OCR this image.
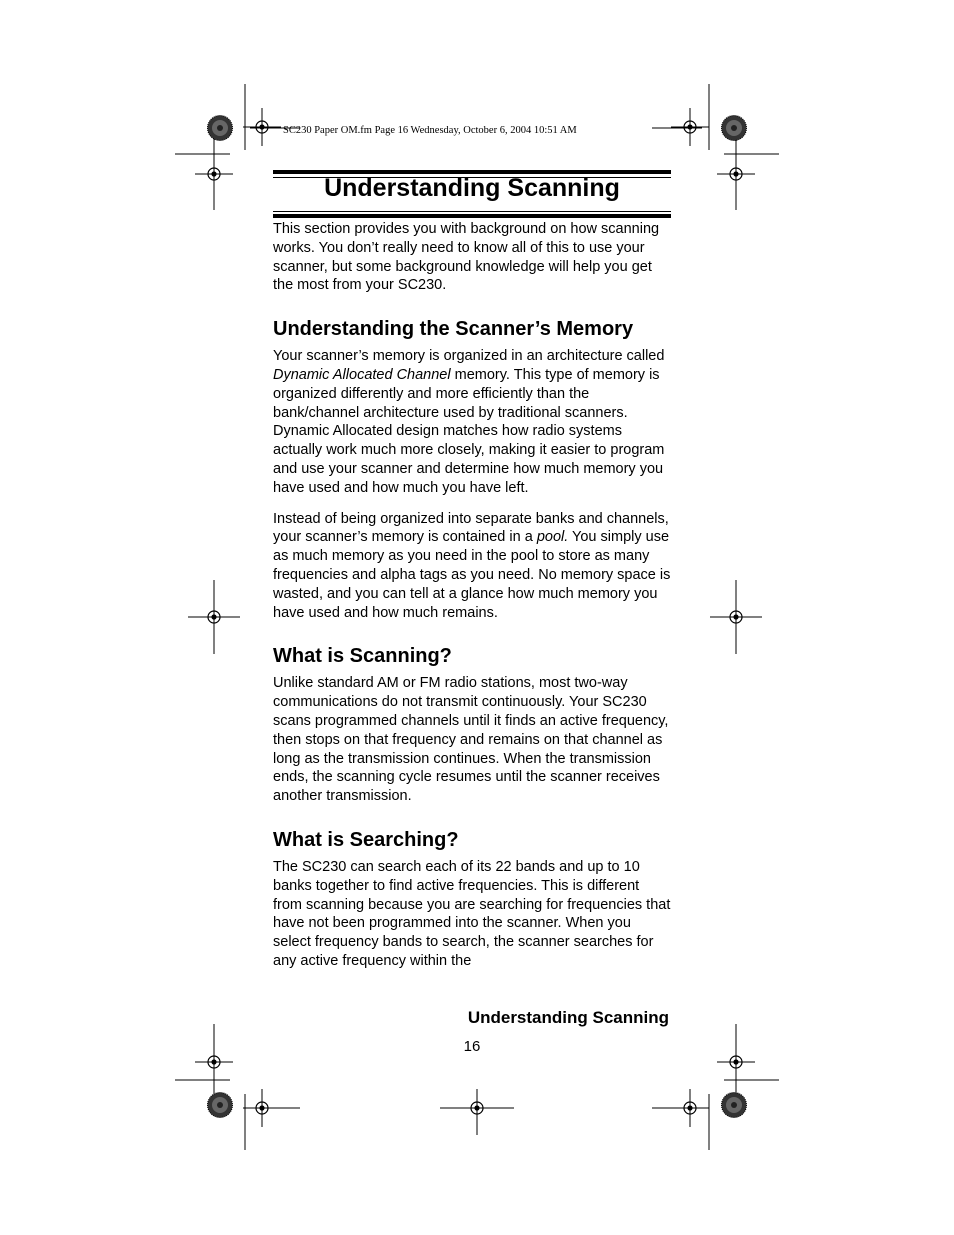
SC230 Paper OM.fm Page 16 Wednesday, October 6, 2004 10:51 AM
Understanding Scanning

This section provides you with background on how scanning works. You don’t really need to know all of this to use your scanner, but some background knowledge will help you get the most from your SC230.

Understanding the Scanner’s Memory

Your scanner’s memory is organized in an architecture called Dynamic Allocated Channel memory. This type of memory is organized differently and more efficiently than the bank/channel architecture used by traditional scanners. Dynamic Allocated design matches how radio systems actually work much more closely, making it easier to program and use your scanner and determine how much memory you have used and how much you have left.

Instead of being organized into separate banks and channels, your scanner’s memory is contained in a pool. You simply use as much memory as you need in the pool to store as many frequencies and alpha tags as you need. No memory space is wasted, and you can tell at a glance how much memory you have used and how much remains.

What is Scanning?

Unlike standard AM or FM radio stations, most two-way communications do not transmit continuously. Your SC230 scans programmed channels until it finds an active frequency, then stops on that frequency and remains on that channel as long as the transmission continues. When the transmission ends, the scanning cycle resumes until the scanner receives another transmission.

What is Searching?

The SC230 can search each of its 22 bands and up to 10 banks together to find active frequencies. This is different from scanning because you are searching for frequencies that have not been programmed into the scanner. When you select frequency bands to search, the scanner searches for any active frequency within the

Understanding Scanning
16
